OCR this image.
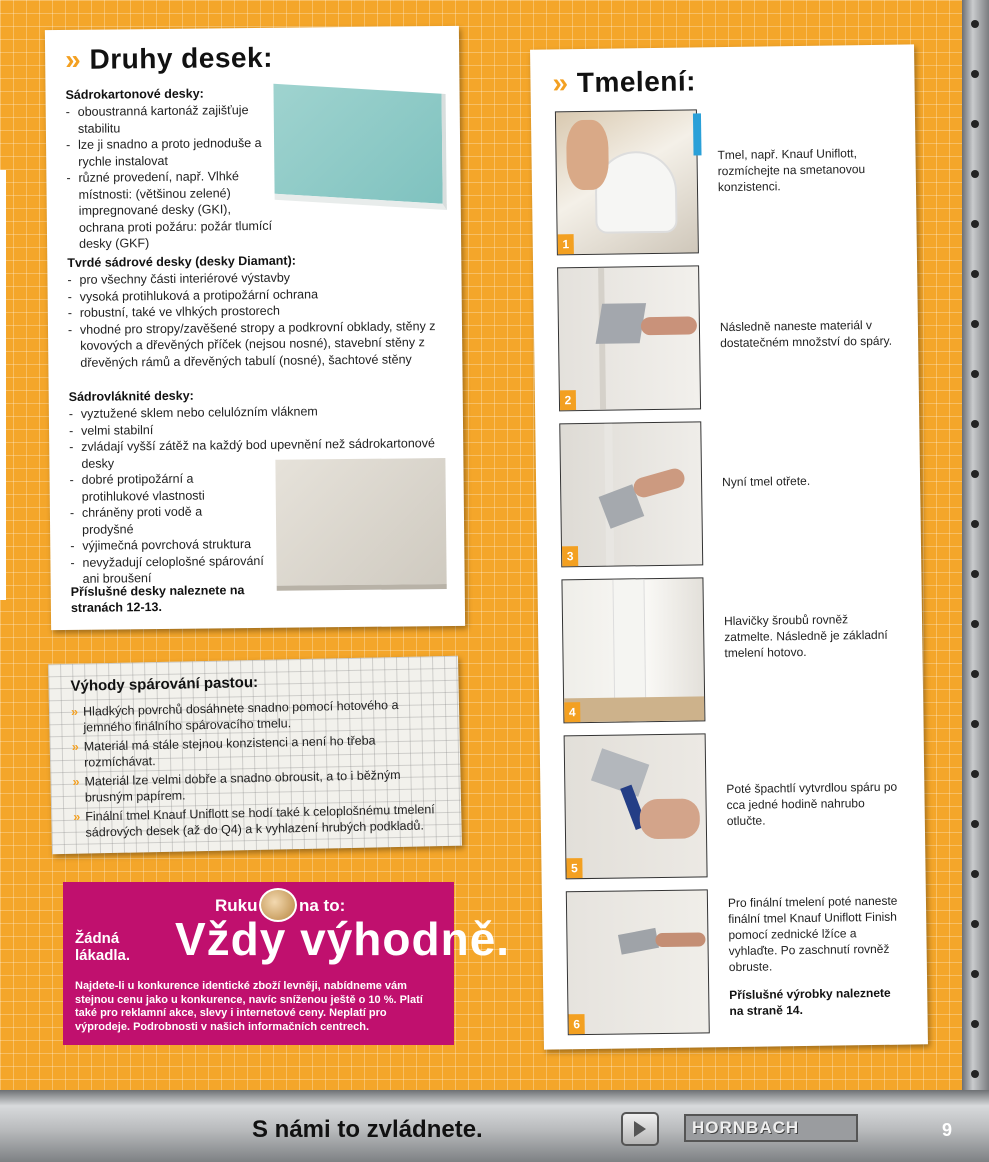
» Druhy desek:

Sádrokartonové desky:

- oboustranná kartonáž zajišťuje stabilitu
- lze ji snadno a proto jednoduše a rychle instalovat
- různé provedení, např. Vlhké místnosti: (většinou zelené) impregnované desky (GKI), ochrana proti požáru: požár tlumící desky (GKF)

Tvrdé sádrové desky (desky Diamant):

- pro všechny části interiérové výstavby
- vysoká protihluková a protipožární ochrana
- robustní, také ve vlhkých prostorech
- vhodné pro stropy/zavěšené stropy a podkrovní obklady, stěny z kovových a dřevěných příček (nejsou nosné), stavební stěny z dřevěných rámů a dřevěných tabulí (nosné), šachtové stěny

Sádrovláknité desky:

- vyztužené sklem nebo celulózním vláknem
- velmi stabilní
- zvládají vyšší zátěž na každý bod upevnění než sádrokartonové desky
- dobré protipožární a protihlukové vlastnosti
- chráněny proti vodě a prodyšné
- výjimečná povrchová struktura
- nevyžadují celoplošné spárování ani broušení

Příslušné desky naleznete na stranách 12-13.

Výhody spárování pastou:

» Hladkých povrchů dosáhnete snadno pomocí hotového a jemného finálního spárovacího tmelu.
» Materiál má stále stejnou konzistenci a není ho třeba rozmíchávat.
» Materiál lze velmi dobře a snadno obrousit, a to i běžným brusným papírem.
» Finální tmel Knauf Uniflott se hodí také k celoplošnému tmelení sádrových desek (až do Q4) a k vyhlazení hrubých podkladů.
Ruku na to:
Žádná lákadla. Vždy výhodně.

Najdete-li u konkurence identické zboží levněji, nabídneme vám stejnou cenu jako u konkurence, navíc sníženou ještě o 10 %. Platí také pro reklamní akce, slevy i internetové ceny. Neplatí pro výprodeje. Podrobnosti v našich informačních centrech.

» Tmelení:
1

Tmel, např. Knauf Uniflott, rozmíchejte na smetanovou konzistenci.

2

Následně naneste materiál v dostatečném množství do spáry.

3

Nyní tmel otřete.

4

Hlavičky šroubů rovněž zatmelte. Následně je základní tmelení hotovo.

5

Poté špachtlí vytvrdlou spáru po cca jedné hodině nahrubo otlučte.

6

Pro finální tmelení poté naneste finální tmel Knauf Uniflott Finish pomocí zednické lžíce a vyhlaďte. Po zaschnutí rovněž obruste.

Příslušné výrobky naleznete na straně 14.

S námi to zvládnete.	HORNBACH	9
